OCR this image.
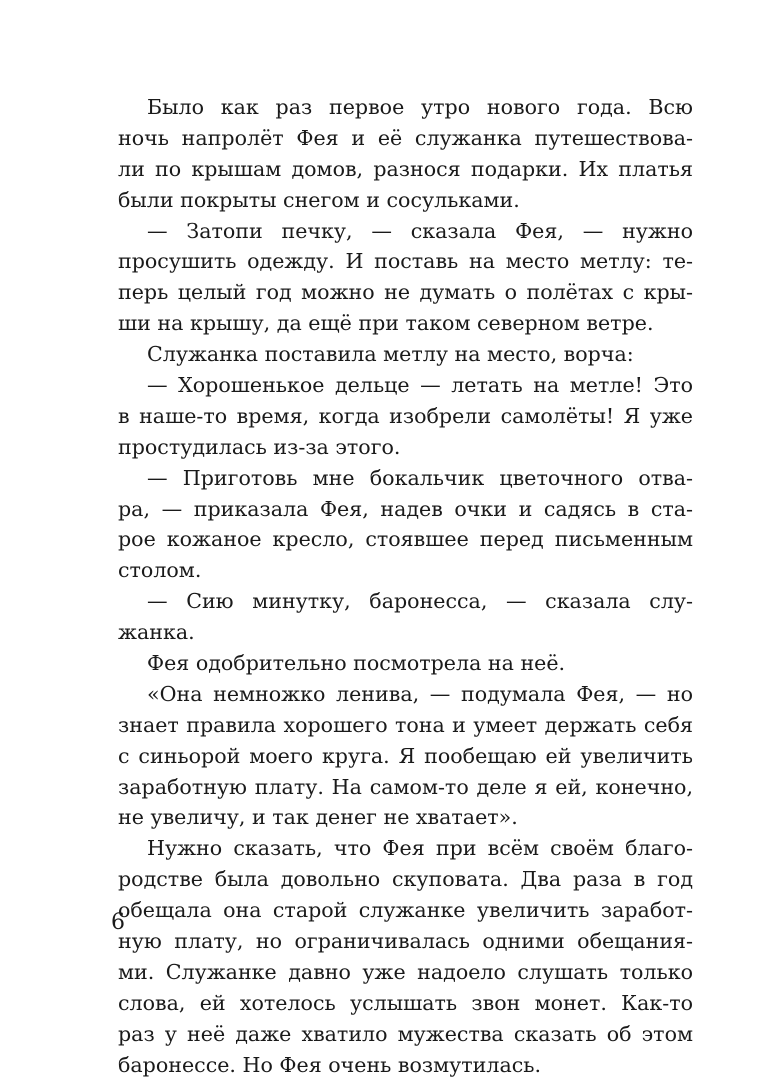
Было как раз первое утро нового года. Всю
ночь напролёт Фея и её служанка путешествова-
ли по крышам домов, разнося подарки. Их платья
были покрыты снегом и сосульками.
— Затопи печку, — сказала Фея, — нужно
просушить одежду. И поставь на место метлу: те-
перь целый год можно не думать о полётах с кры-
ши на крышу, да ещё при таком северном ветре.
Служанка поставила метлу на место, ворча:
— Хорошенькое дельце — летать на метле! Это
в наше-то время, когда изобрели самолёты! Я уже
простудилась из-за этого.
— Приготовь мне бокальчик цветочного отва-
ра, — приказала Фея, надев очки и садясь в ста-
рое кожаное кресло, стоявшее перед письменным
столом.
— Сию минутку, баронесса, — сказала слу-
жанка.
Фея одобрительно посмотрела на неё.
«Она немножко ленива, — подумала Фея, — но
знает правила хорошего тона и умеет держать себя
с синьорой моего круга. Я пообещаю ей увеличить
заработную плату. На самом-то деле я ей, конечно,
не увеличу, и так денег не хватает».
Нужно сказать, что Фея при всём своём благо-
родстве была довольно скуповата. Два раза в год
обещала она старой служанке увеличить заработ-
ную плату, но ограничивалась одними обещания-
ми. Служанке давно уже надоело слушать только
слова, ей хотелось услышать звон монет. Как-то
раз у неё даже хватило мужества сказать об этом
баронессе. Но Фея очень возмутилась.
6
